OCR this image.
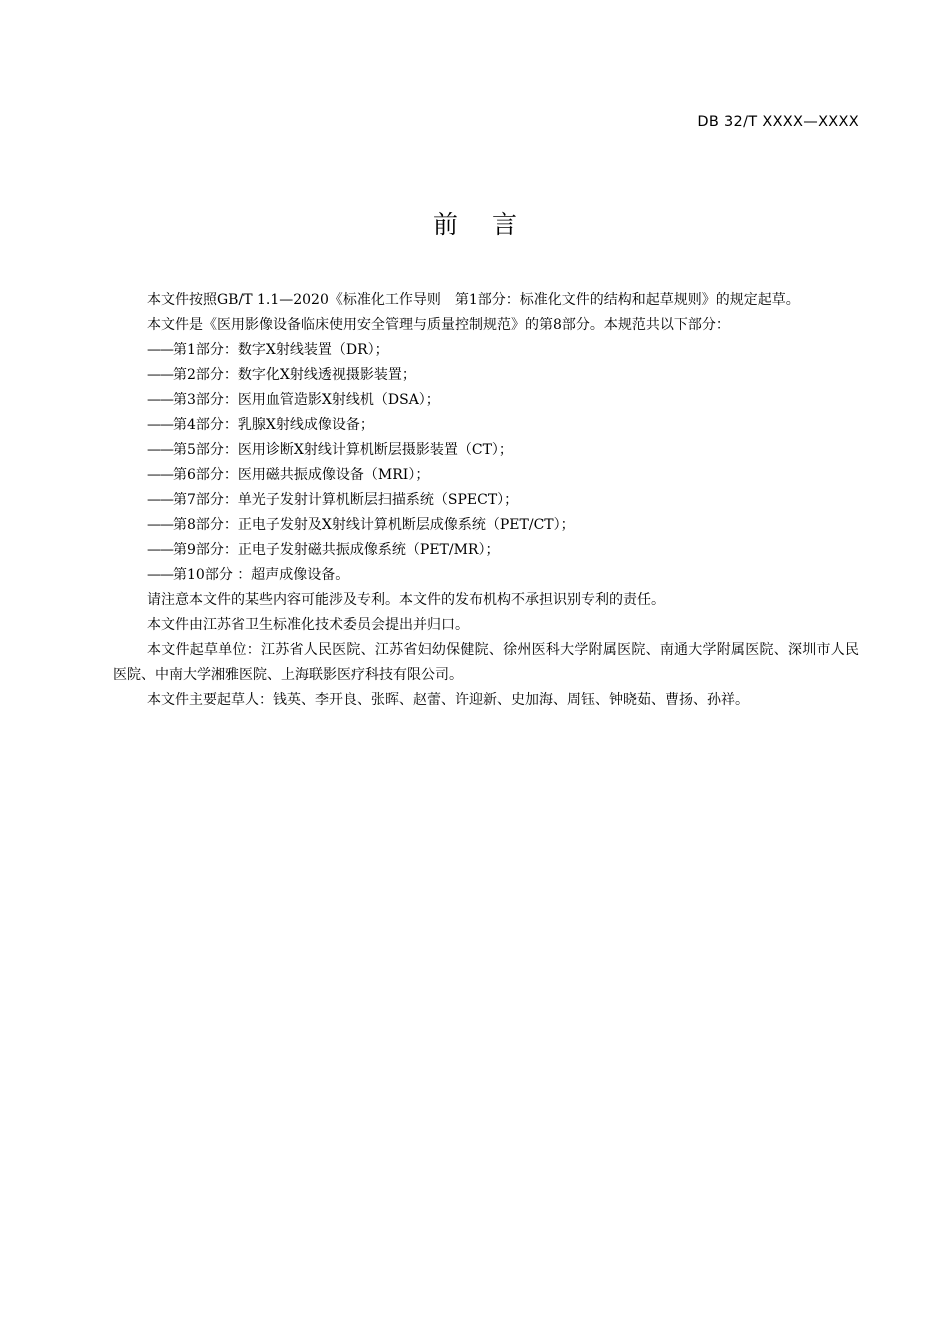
DB 32/T XXXX—XXXX
前言

本文件按照GB/T 1.1—2020《标准化工作导则　第1部分：标准化文件的结构和起草规则》的规定起草。

本文件是《医用影像设备临床使用安全管理与质量控制规范》的第8部分。本规范共以下部分：

——第1部分：数字X射线装置（DR）；
——第2部分：数字化X射线透视摄影装置；
——第3部分：医用血管造影X射线机（DSA）；
——第4部分：乳腺X射线成像设备；
——第5部分：医用诊断X射线计算机断层摄影装置（CT）；
——第6部分：医用磁共振成像设备（MRI）；
——第7部分：单光子发射计算机断层扫描系统（SPECT）；
——第8部分：正电子发射及X射线计算机断层成像系统（PET/CT）；
——第9部分：正电子发射磁共振成像系统（PET/MR）；
——第10部分 ：超声成像设备。

请注意本文件的某些内容可能涉及专利。本文件的发布机构不承担识别专利的责任。

本文件由江苏省卫生标准化技术委员会提出并归口。

本文件起草单位：江苏省人民医院、江苏省妇幼保健院、徐州医科大学附属医院、南通大学附属医院、深圳市人民医院、中南大学湘雅医院、上海联影医疗科技有限公司。

本文件主要起草人：钱英、李开良、张晖、赵蕾、许迎新、史加海、周钰、钟晓茹、曹扬、孙祥。
